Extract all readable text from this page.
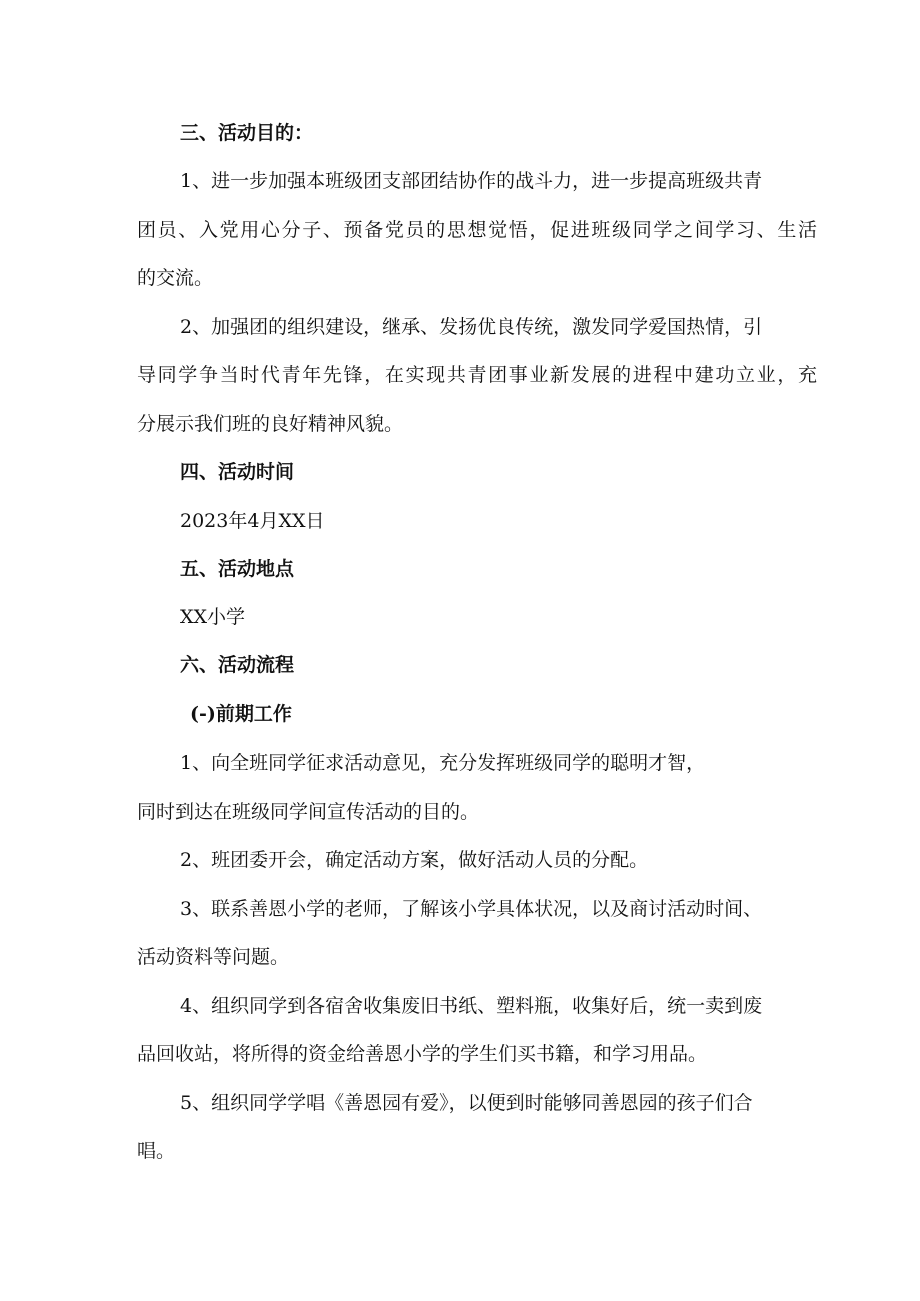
三、活动目的：

1、进一步加强本班级团支部团结协作的战斗力，进一步提高班级共青

团员、入党用心分子、预备党员的思想觉悟，促进班级同学之间学习、生活

的交流。

2、加强团的组织建设，继承、发扬优良传统，激发同学爱国热情，引

导同学争当时代青年先锋，在实现共青团事业新发展的进程中建功立业，充

分展示我们班的良好精神风貌。

四、活动时间

2023年4月XX日

五、活动地点

XX小学

六、活动流程

(-)前期工作

1、向全班同学征求活动意见，充分发挥班级同学的聪明才智，

同时到达在班级同学间宣传活动的目的。

2、班团委开会，确定活动方案，做好活动人员的分配。

3、联系善恩小学的老师，了解该小学具体状况，以及商讨活动时间、

活动资料等问题。

4、组织同学到各宿舍收集废旧书纸、塑料瓶，收集好后，统一卖到废

品回收站，将所得的资金给善恩小学的学生们买书籍，和学习用品。

5、组织同学学唱《善恩园有爱》，以便到时能够同善恩园的孩子们合

唱。
